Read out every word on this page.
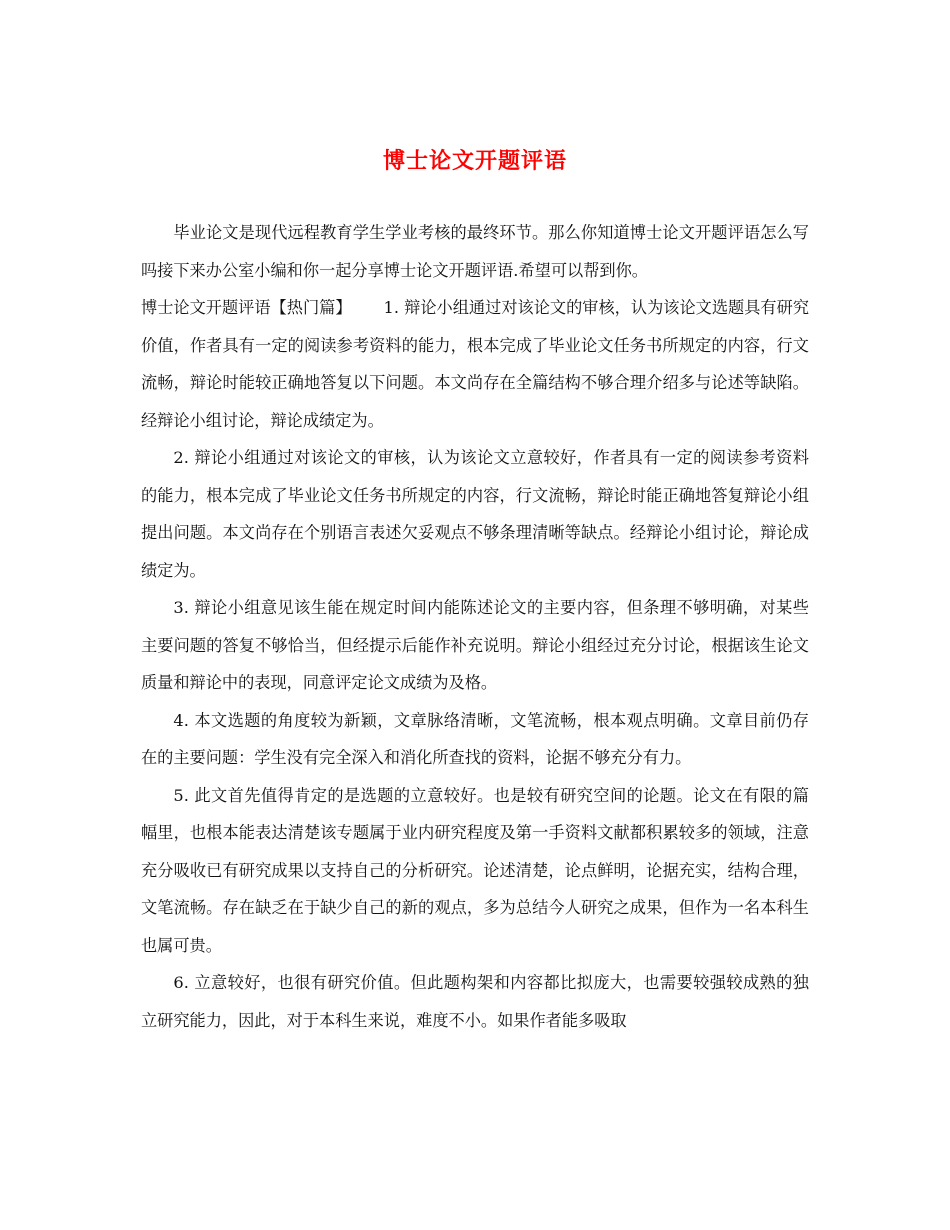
博士论文开题评语

毕业论文是现代远程教育学生学业考核的最终环节。那么你知道博士论文开题评语怎么写吗接下来办公室小编和你一起分享博士论文开题评语.希望可以帮到你。

博士论文开题评语【热门篇】 1. 辩论小组通过对该论文的审核，认为该论文选题具有研究价值，作者具有一定的阅读参考资料的能力，根本完成了毕业论文任务书所规定的内容，行文流畅，辩论时能较正确地答复以下问题。本文尚存在全篇结构不够合理介绍多与论述等缺陷。经辩论小组讨论，辩论成绩定为。

2. 辩论小组通过对该论文的审核，认为该论文立意较好，作者具有一定的阅读参考资料的能力，根本完成了毕业论文任务书所规定的内容，行文流畅，辩论时能正确地答复辩论小组提出问题。本文尚存在个别语言表述欠妥观点不够条理清晰等缺点。经辩论小组讨论，辩论成绩定为。

3. 辩论小组意见该生能在规定时间内能陈述论文的主要内容，但条理不够明确，对某些主要问题的答复不够恰当，但经提示后能作补充说明。辩论小组经过充分讨论，根据该生论文质量和辩论中的表现，同意评定论文成绩为及格。

4. 本文选题的角度较为新颖，文章脉络清晰，文笔流畅，根本观点明确。文章目前仍存在的主要问题：学生没有完全深入和消化所查找的资料，论据不够充分有力。

5. 此文首先值得肯定的是选题的立意较好。也是较有研究空间的论题。论文在有限的篇幅里，也根本能表达清楚该专题属于业内研究程度及第一手资料文献都积累较多的领域，注意充分吸收已有研究成果以支持自己的分析研究。论述清楚，论点鲜明，论据充实，结构合理，文笔流畅。存在缺乏在于缺少自己的新的观点，多为总结今人研究之成果，但作为一名本科生也属可贵。

6. 立意较好，也很有研究价值。但此题构架和内容都比拟庞大，也需要较强较成熟的独立研究能力，因此，对于本科生来说，难度不小。如果作者能多吸取
